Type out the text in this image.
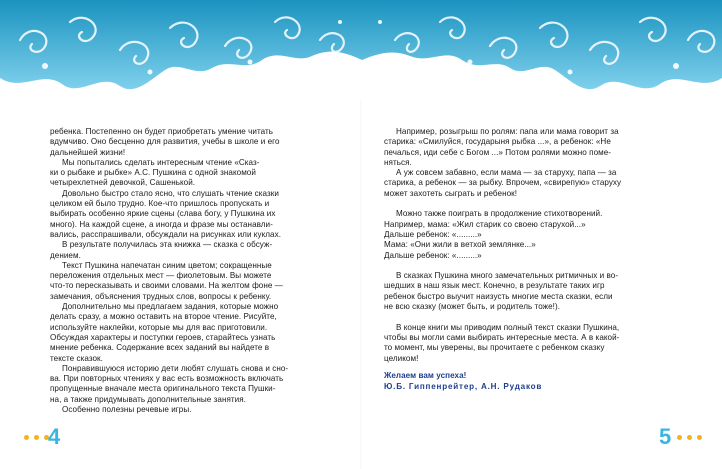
ребенка. Постепенно он будет приобретать умение читать
вдумчиво. Оно бесценно для развития, учебы в школе и его
дальнейшей жизни!

Мы попытались сделать интересным чтение «Сказ-
ки о рыбаке и рыбке» А.С. Пушкина с одной знакомой
четырехлетней девочкой, Сашенькой.

Довольно быстро стало ясно, что слушать чтение сказки
целиком ей было трудно. Кое-что пришлось пропускать и
выбирать особенно яркие сцены (слава богу, у Пушкина их
много). На каждой сцене, а иногда и фразе мы останавли-
вались, расспрашивали, обсуждали на рисунках или куклах.

В результате получилась эта книжка — сказка с обсуж-
дением.

Текст Пушкина напечатан синим цветом; сокращенные
переложения отдельных мест — фиолетовым. Вы можете
что-то пересказывать и своими словами. На желтом фоне —
замечания, объяснения трудных слов, вопросы к ребенку.

Дополнительно мы предлагаем задания, которые можно
делать сразу, а можно оставить на второе чтение. Рисуйте,
используйте наклейки, которые мы для вас приготовили.
Обсуждая характеры и поступки героев, старайтесь узнать
мнение ребенка. Содержание всех заданий вы найдете в
тексте сказок.

Понравившуюся историю дети любят слушать снова и сно-
ва. При повторных чтениях у вас есть возможность включать
пропущенные вначале места оригинального текста Пушки-
на, а также придумывать дополнительные занятия.

Особенно полезны речевые игры.

4

Например, розыгрыш по ролям: папа или мама говорит за
старика: «Смилуйся, государыня рыбка ...», а ребенок: «Не
печалься, иди себе с Богом ...» Потом ролями можно поме-
няться.

А уж совсем забавно, если мама — за старуху, папа — за
старика, а ребенок — за рыбку. Впрочем, «свирепую» старуху
может захотеть сыграть и ребенок!

Можно также поиграть в продолжение стихотворений.
Например, мама: «Жил старик со своею старухой...»
Дальше ребенок: «.........»
Мама: «Они жили в ветхой землянке...»
Дальше ребенок: «.........»

В сказках Пушкина много замечательных ритмичных и во-
шедших в наш язык мест. Конечно, в результате таких игр
ребенок быстро выучит наизусть многие места сказки, если
не всю сказку (может быть, и родитель тоже!).

В конце книги мы приводим полный текст сказки Пушкина,
чтобы вы могли сами выбирать интересные места. А в какой-
то момент, мы уверены, вы прочитаете с ребенком сказку
целиком!

Желаем вам успеха!
Ю.Б. Гиппенрейтер, А.Н. Рудаков
5
